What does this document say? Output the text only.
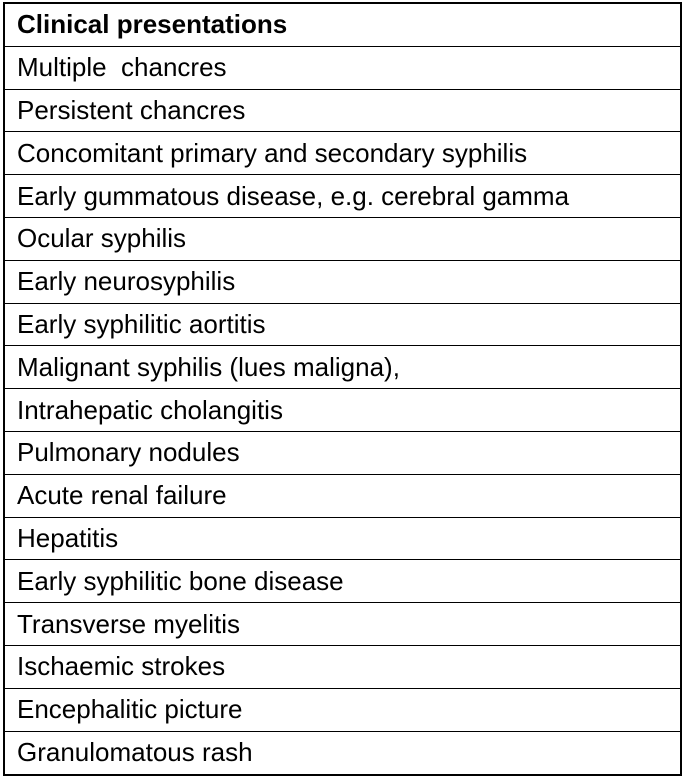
Clinical presentations
Multiple  chancres
Persistent chancres
Concomitant primary and secondary syphilis
Early gummatous disease, e.g. cerebral gamma
Ocular syphilis
Early neurosyphilis
Early syphilitic aortitis
Malignant syphilis (lues maligna),
Intrahepatic cholangitis
Pulmonary nodules
Acute renal failure
Hepatitis
Early syphilitic bone disease
Transverse myelitis
Ischaemic strokes
Encephalitic picture
Granulomatous rash
